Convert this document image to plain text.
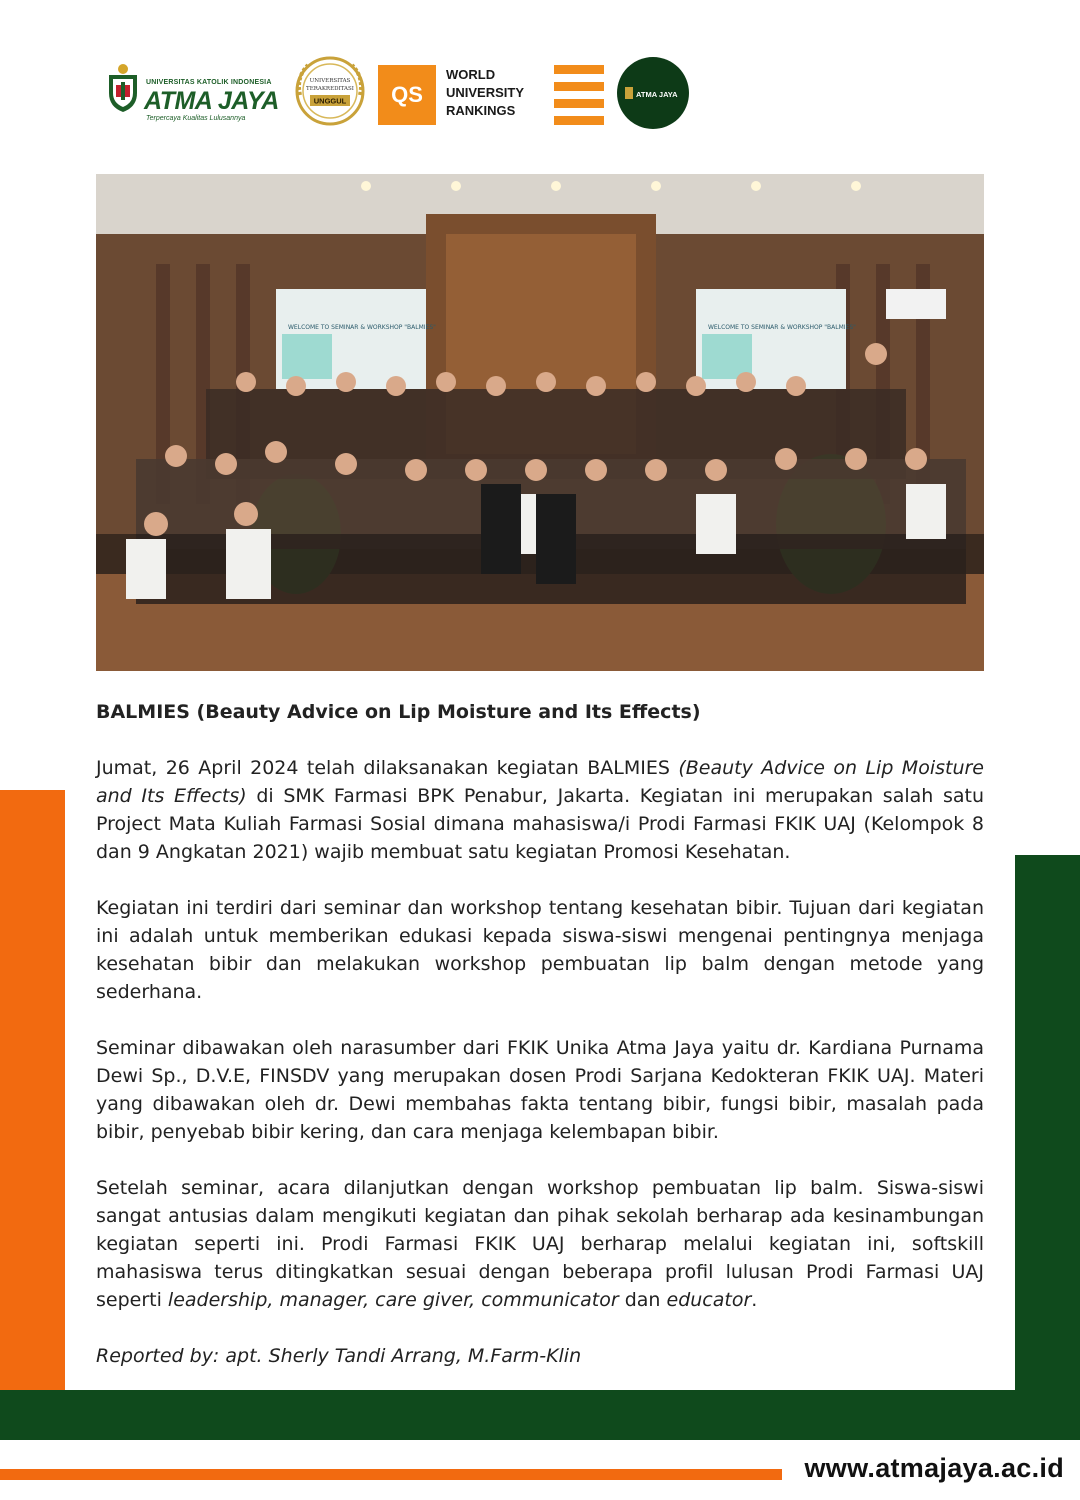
UNIVERSITAS KATOLIK INDONESIA
ATMA JAYA
Terpercaya Kualitas Lulusannya
UNIVERSITAS
TERAKREDITASI
UNGGUL	QS
WORLD
UNIVERSITY
RANKINGS
ATMA JAYA
WELCOME TO SEMINAR & WORKSHOP "BALMIES"	WELCOME TO SEMINAR & WORKSHOP "BALMIES"
BALMIES (Beauty Advice on Lip Moisture and Its Effects)

Jumat, 26 April 2024 telah dilaksanakan kegiatan BALMIES (Beauty Advice on Lip Moisture and Its Effects) di SMK Farmasi BPK Penabur, Jakarta. Kegiatan ini merupakan salah satu Project Mata Kuliah Farmasi Sosial dimana mahasiswa/i Prodi Farmasi FKIK UAJ (Kelompok 8 dan 9 Angkatan 2021) wajib membuat satu kegiatan Promosi Kesehatan.

Kegiatan ini terdiri dari seminar dan workshop tentang kesehatan bibir. Tujuan dari kegiatan ini adalah untuk memberikan edukasi kepada siswa-siswi mengenai pentingnya menjaga kesehatan bibir dan melakukan workshop pembuatan lip balm dengan metode yang sederhana.

Seminar dibawakan oleh narasumber dari FKIK Unika Atma Jaya yaitu dr. Kardiana Purnama Dewi Sp., D.V.E, FINSDV yang merupakan dosen Prodi Sarjana Kedokteran FKIK UAJ. Materi yang dibawakan oleh dr. Dewi membahas fakta tentang bibir, fungsi bibir, masalah pada bibir, penyebab bibir kering, dan cara menjaga kelembapan bibir.

Setelah seminar, acara dilanjutkan dengan workshop pembuatan lip balm. Siswa-siswi sangat antusias dalam mengikuti kegiatan dan pihak sekolah berharap ada kesinambungan kegiatan seperti ini. Prodi Farmasi FKIK UAJ berharap melalui kegiatan ini, softskill mahasiswa terus ditingkatkan sesuai dengan beberapa profil lulusan Prodi Farmasi UAJ seperti leadership, manager, care giver, communicator dan educator.

Reported by: apt. Sherly Tandi Arrang, M.Farm-Klin

www.atmajaya.ac.id
